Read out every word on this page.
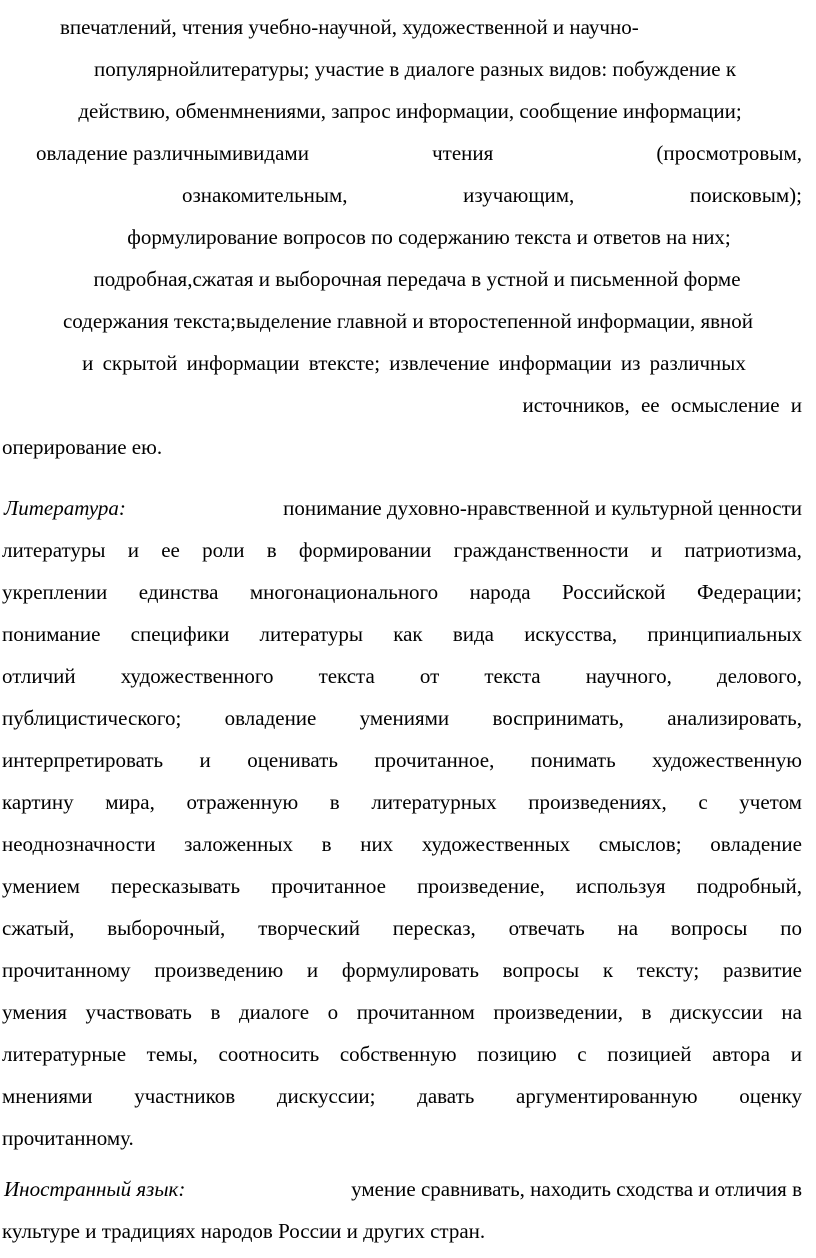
впечатлений, чтения учебно-научной, художественной и научно-
популярнойлитературы; участие в диалоге разных видов: побуждение к
действию, обменмнениями, запрос информации, сообщение информации;
овладение различнымивидами	чтения	(просмотровым,
ознакомительным,	изучающим,	поисковым);
формулирование вопросов по содержанию текста и ответов на них;
подробная,сжатая и выборочная передача в устной и письменной форме
содержания текста;выделение главной и второстепенной информации, явной
и скрытой информации втексте; извлечение информации из различных
источников, ее осмысление и
оперирование ею.
Литература:	понимание духовно-нравственной и культурной ценности
литературы и ее роли в формировании гражданственности и патриотизма,
укреплении единства многонационального народа Российской Федерации;
понимание специфики литературы как вида искусства, принципиальных
отличий художественного текста от текста научного, делового,
публицистического; овладение умениями воспринимать, анализировать,
интерпретировать и оценивать прочитанное, понимать художественную
картину мира, отраженную в литературных произведениях, с учетом
неоднозначности заложенных в них художественных смыслов; овладение
умением пересказывать прочитанное произведение, используя подробный,
сжатый, выборочный, творческий пересказ, отвечать на вопросы по
прочитанному произведению и формулировать вопросы к тексту; развитие
умения участвовать в диалоге о прочитанном произведении, в дискуссии на
литературные темы, соотносить собственную позицию с позицией автора и
мнениями участников дискуссии; давать аргументированную оценку
прочитанному.
Иностранный язык:	умение сравнивать, находить сходства и отличия в
культуре и традициях народов России и других стран.
